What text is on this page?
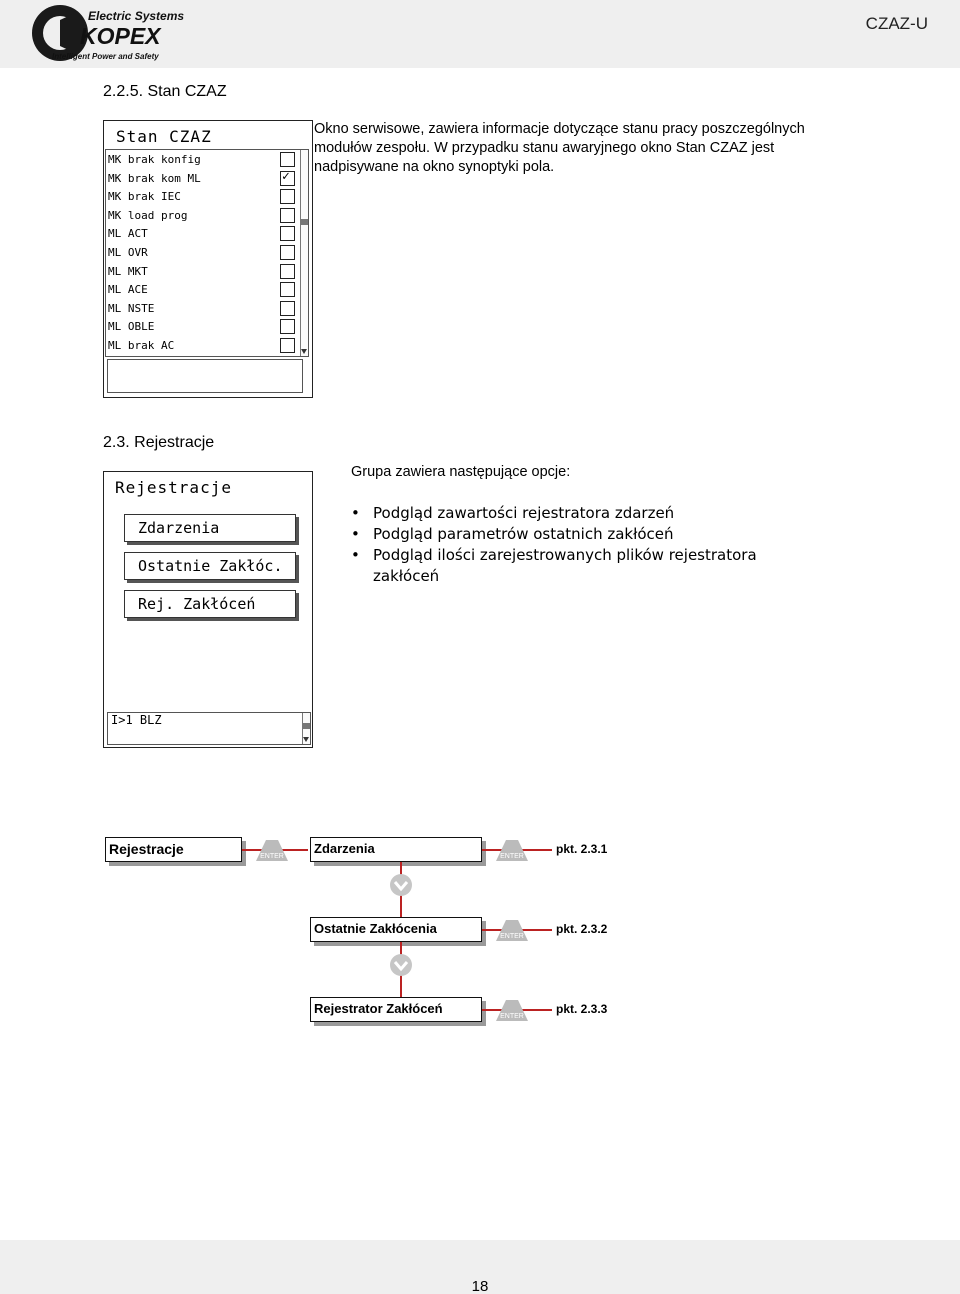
Electric Systems
KOPEX
Intelligent Power and Safety
CZAZ-U
2.2.5. Stan CZAZ
Okno serwisowe, zawiera informacje dotyczące stanu pracy poszczególnych modułów zespołu. W przypadku stanu awaryjnego okno Stan CZAZ jest nadpisywane na okno synoptyki pola.
Stan CZAZ
MK brak konfig
MK brak kom ML
✓
MK brak IEC
MK load prog
ML ACT
ML OVR
ML MKT
ML ACE
ML NSTE
ML OBLE
ML brak AC
2.3. Rejestracje
Rejestracje
Zdarzenia
Ostatnie Zakłóc.
Rej. Zakłóceń
I>1 BLZ
Grupa zawiera następujące opcje:
• Podgląd zawartości rejestratora zdarzeń
• Podgląd parametrów ostatnich zakłóceń
• Podgląd ilości zarejestrowanych plików rejestratora zakłóceń
Rejestracje	ENTER
Zdarzenia
ENTER
pkt. 2.3.1
Ostatnie Zakłócenia
ENTER
pkt. 2.3.2
Rejestrator Zakłóceń
ENTER
pkt. 2.3.3
18
